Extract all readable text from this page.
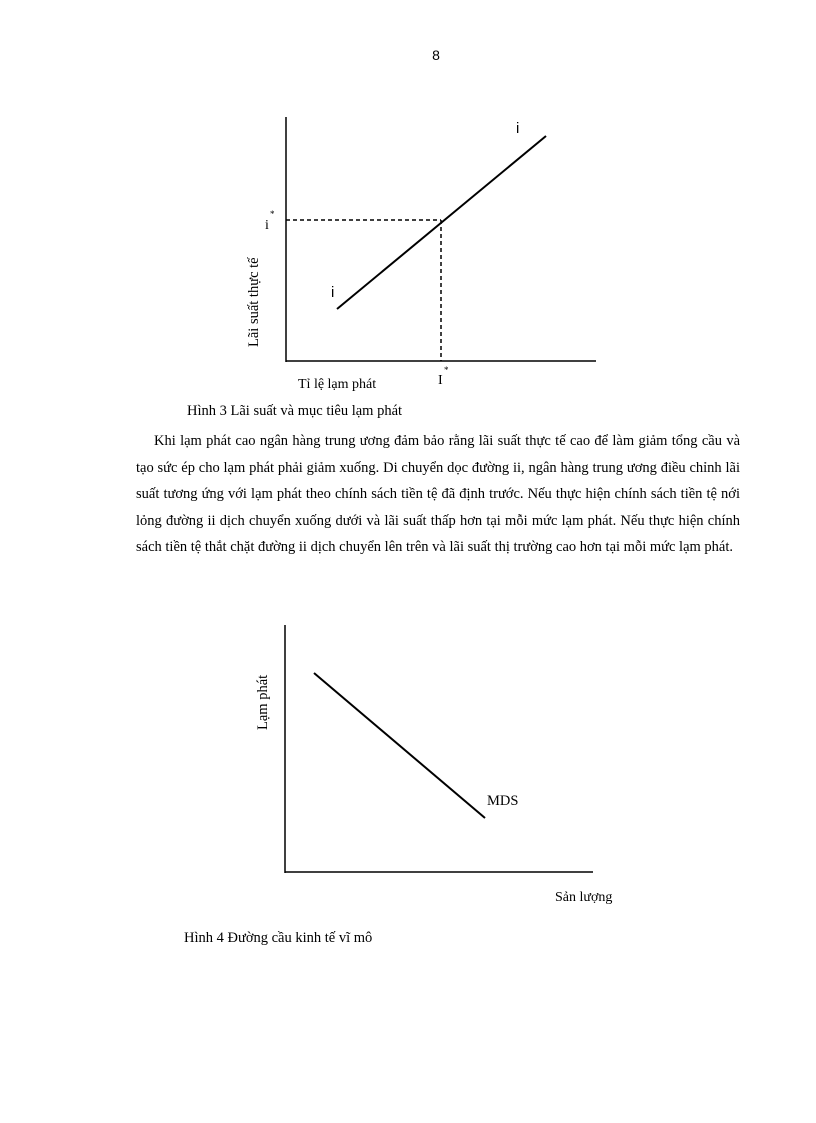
8
i
i
i
*
I
*
Lãi suất thực tế
Tỉ lệ lạm phát
Hình 3 Lãi suất và mục tiêu lạm phát

Khi lạm phát cao ngân hàng trung ương đảm bảo rằng lãi suất thực tế cao để làm giảm tổng cầu và tạo sức ép cho lạm phát phải giảm xuống. Di chuyển dọc đường ii, ngân hàng trung ương điều chỉnh lãi suất tương ứng với lạm phát theo chính sách tiền tệ đã định trước. Nếu thực hiện chính sách tiền tệ nới lỏng đường ii dịch chuyển xuống dưới và lãi suất thấp hơn tại mỗi mức lạm phát. Nếu thực hiện chính sách tiền tệ thắt chặt đường ii dịch chuyển lên trên và lãi suất thị trường cao hơn tại mỗi mức lạm phát.

MDS
Lạm phát
Sản lượng
Hình 4 Đường cầu kinh tế vĩ mô
